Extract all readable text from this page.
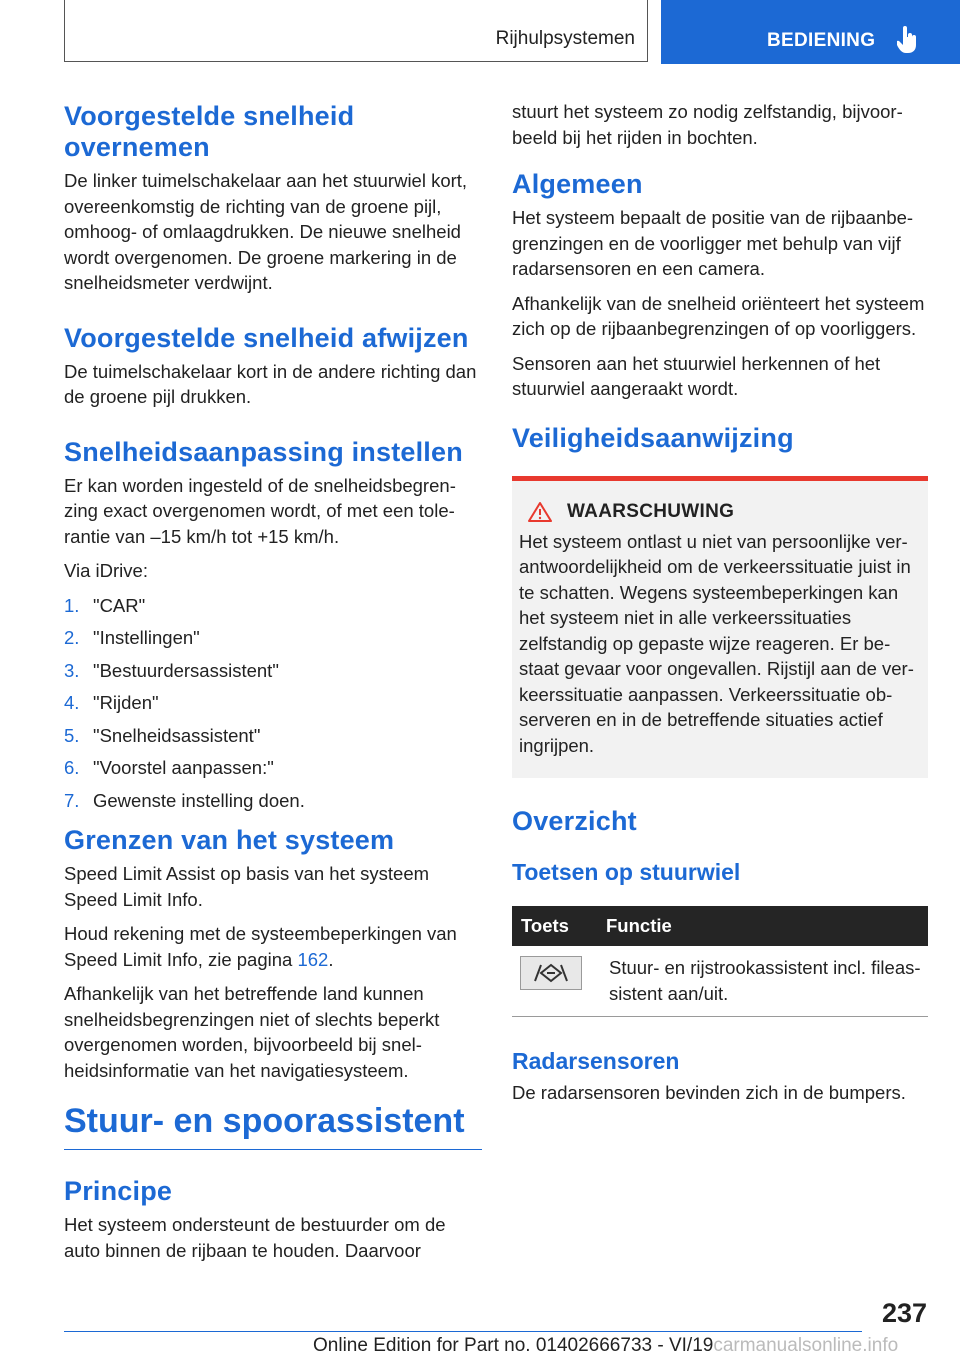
Rijhulpsystemen	BEDIENING
Voorgestelde snelheid overnemen

De linker tuimelschakelaar aan het stuurwiel kort, overeenkomstig de richting van de groene pijl, omhoog- of omlaagdrukken. De nieuwe snelheid wordt overgenomen. De groene markering in de snelheidsmeter verdwijnt.

Voorgestelde snelheid afwijzen

De tuimelschakelaar kort in de andere richting dan de groene pijl drukken.

Snelheidsaanpassing instellen

Er kan worden ingesteld of de snelheidsbegrenzing exact overgenomen wordt, of met een tolerantie van –15 km/h tot +15 km/h.

Via iDrive:

1. "CAR"
2. "Instellingen"
3. "Bestuurdersassistent"
4. "Rijden"
5. "Snelheidsassistent"
6. "Voorstel aanpassen:"
7. Gewenste instelling doen.
Grenzen van het systeem

Speed Limit Assist op basis van het systeem Speed Limit Info.

Houd rekening met de systeembeperkingen van Speed Limit Info, zie pagina 162.

Afhankelijk van het betreffende land kunnen snelheidsbegrenzingen niet of slechts beperkt overgenomen worden, bijvoorbeeld bij snelheidsinformatie van het navigatiesysteem.

Stuur- en spoorassistent
Principe

Het systeem ondersteunt de bestuurder om de auto binnen de rijbaan te houden. Daarvoor

stuurt het systeem zo nodig zelfstandig, bijvoorbeeld bij het rijden in bochten.

Algemeen

Het systeem bepaalt de positie van de rijbaanbegrenzingen en de voorligger met behulp van vijf radarsensoren en een camera.

Afhankelijk van de snelheid oriënteert het systeem zich op de rijbaanbegrenzingen of op voorliggers.

Sensoren aan het stuurwiel herkennen of het stuurwiel aangeraakt wordt.

Veiligheidsaanwijzing
WAARSCHUWING

Het systeem ontlast u niet van persoonlijke verantwoordelijkheid om de verkeerssituatie juist in te schatten. Wegens systeembeperkingen kan het systeem niet in alle verkeerssituaties zelfstandig op gepaste wijze reageren. Er bestaat gevaar voor ongevallen. Rijstijl aan de verkeerssituatie aanpassen. Verkeerssituatie observeren en in de betreffende situaties actief ingrijpen.

Overzicht
Toetsen op stuurwiel
Toets	Functie

	Stuur- en rijstrookassistent incl. fileassistent aan/uit.
Radarsensoren

De radarsensoren bevinden zich in de bumpers.

237
Online Edition for Part no. 01402666733 - VI/19carmanualsonline.info
